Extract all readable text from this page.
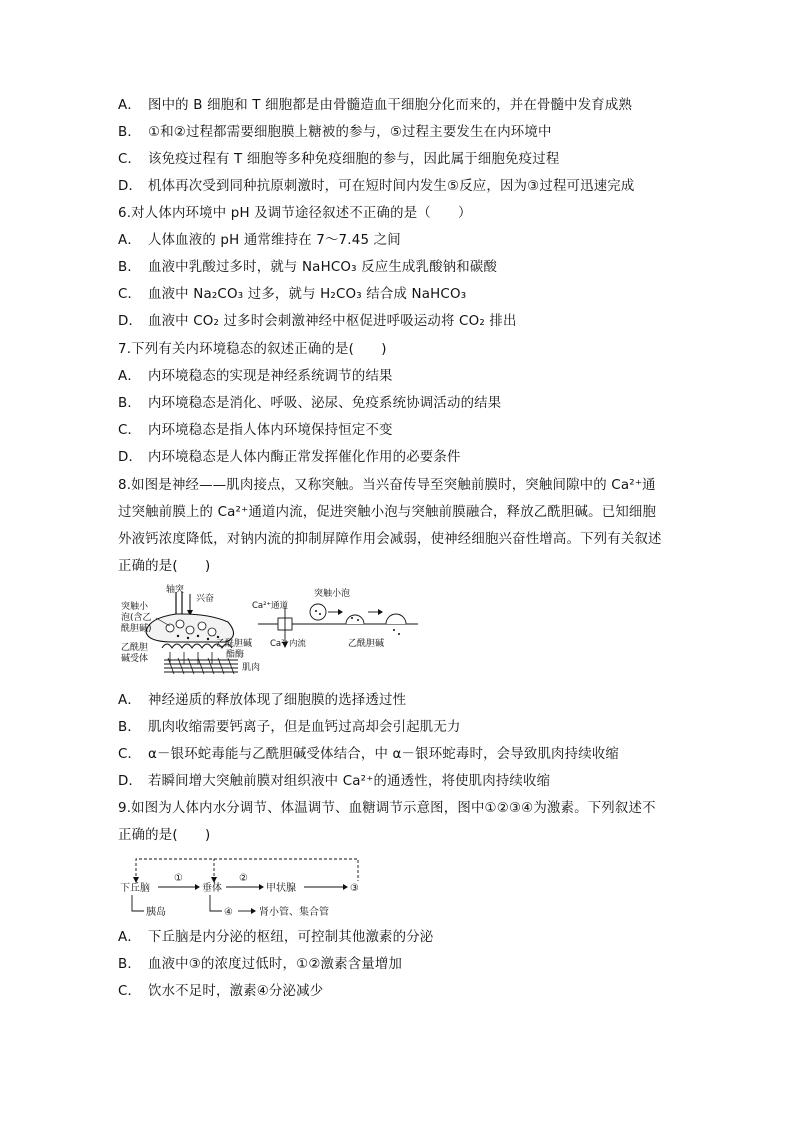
A． 图中的 B 细胞和 T 细胞都是由骨髓造血干细胞分化而来的，并在骨髓中发育成熟
B． ①和②过程都需要细胞膜上糖被的参与，⑤过程主要发生在内环境中
C． 该免疫过程有 T 细胞等多种免疫细胞的参与，因此属于细胞免疫过程
D． 机体再次受到同种抗原刺激时，可在短时间内发生⑤反应，因为③过程可迅速完成
6.对人体内环境中 pH 及调节途径叙述不正确的是（　　）
A． 人体血液的 pH 通常维持在 7～7.45 之间
B． 血液中乳酸过多时，就与 NaHCO₃ 反应生成乳酸钠和碳酸
C． 血液中 Na₂CO₃ 过多，就与 H₂CO₃ 结合成 NaHCO₃
D． 血液中 CO₂ 过多时会刺激神经中枢促进呼吸运动将 CO₂ 排出
7.下列有关内环境稳态的叙述正确的是(　　)
A． 内环境稳态的实现是神经系统调节的结果
B． 内环境稳态是消化、呼吸、泌尿、免疫系统协调活动的结果
C． 内环境稳态是指人体内环境保持恒定不变
D． 内环境稳态是人体内酶正常发挥催化作用的必要条件
8.如图是神经——肌肉接点，又称突触。当兴奋传导至突触前膜时，突触间隙中的 Ca²⁺通
过突触前膜上的 Ca²⁺通道内流，促进突触小泡与突触前膜融合，释放乙酰胆碱。已知细胞
外液钙浓度降低，对钠内流的抑制屏障作用会减弱，使神经细胞兴奋性增高。下列有关叙述
正确的是(　　)
轴突
兴奋
突触小
泡(含乙
酰胆碱)
乙酰胆
碱受体
乙酰胆碱
酯酶
肌肉
Ca²⁺通道
Ca²⁺内流
突触小泡
乙酰胆碱
A． 神经递质的释放体现了细胞膜的选择透过性
B． 肌肉收缩需要钙离子，但是血钙过高却会引起肌无力
C． α－银环蛇毒能与乙酰胆碱受体结合，中 α－银环蛇毒时，会导致肌肉持续收缩
D． 若瞬间增大突触前膜对组织液中 Ca²⁺的通透性，将使肌肉持续收缩
9.如图为人体内水分调节、体温调节、血糖调节示意图，图中①②③④为激素。下列叙述不
正确的是(　　)
下丘脑	垂体	甲状腺	③
①	②
胰岛	④	肾小管、集合管
A． 下丘脑是内分泌的枢纽，可控制其他激素的分泌
B． 血液中③的浓度过低时，①②激素含量增加
C． 饮水不足时，激素④分泌减少
